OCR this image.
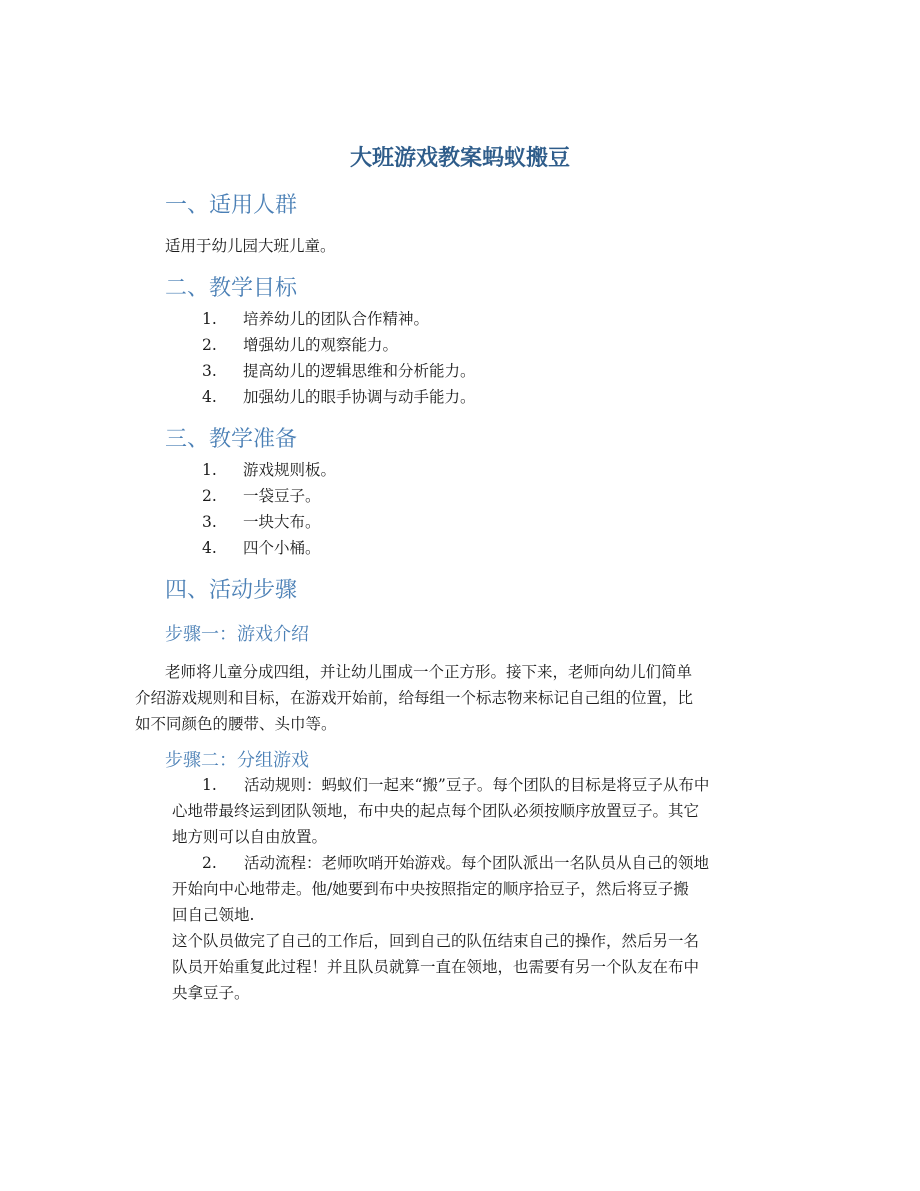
大班游戏教案蚂蚁搬豆
一、适用人群
适用于幼儿园大班儿童。
二、教学目标
1. 培养幼儿的团队合作精神。
2. 增强幼儿的观察能力。
3. 提高幼儿的逻辑思维和分析能力。
4. 加强幼儿的眼手协调与动手能力。
三、教学准备
1. 游戏规则板。
2. 一袋豆子。
3. 一块大布。
4. 四个小桶。
四、活动步骤
步骤一：游戏介绍
老师将儿童分成四组，并让幼儿围成一个正方形。接下来，老师向幼儿们简单
介绍游戏规则和目标，在游戏开始前，给每组一个标志物来标记自己组的位置，比
如不同颜色的腰带、头巾等。
步骤二：分组游戏
1.	活动规则：蚂蚁们一起来“搬”豆子。每个团队的目标是将豆子从布中
心地带最终运到团队领地，布中央的起点每个团队必须按顺序放置豆子。其它
地方则可以自由放置。
2.	活动流程：老师吹哨开始游戏。每个团队派出一名队员从自己的领地
开始向中心地带走。他/她要到布中央按照指定的顺序拾豆子，然后将豆子搬
回自己领地.
这个队员做完了自己的工作后，回到自己的队伍结束自己的操作，然后另一名
队员开始重复此过程！并且队员就算一直在领地，也需要有另一个队友在布中
央拿豆子。
